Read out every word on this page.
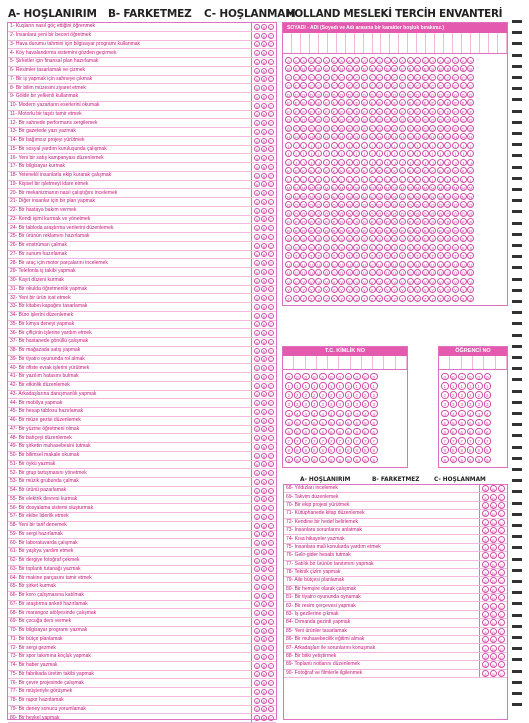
A- HOŞLANIRIM B- FARKETMEZ C- HOŞLANMAM
HOLLAND MESLEKİ TERCİH ENVANTERİ
1- Kuşların nasıl göç ettiğini öğrenmek	A	B	C
2- İnsanlara yeni bir beceri öğretmek	A	B	C
3- Hava durumu tahmini için bilgisayar programı kullanmak	A	B	C
4- Köy havalandırma sistemini gözden geçirmek	A	B	C
5- Şirketler için finansal plan hazırlamak	A	B	C
6- Resimler tasarlamak ve çizmek	A	B	C
7- Bir iş yapmak için sahneye çıkmak	A	B	C
8- Bir bilim müzesini ziyaret etmek	A	B	C
9- Gölde bir yelkenli kullanmak	A	B	C
10- Modern yazarların eserlerini okumak	A	B	C
11- Motorlu bir taşıtı tamir etmek	A	B	C
12- Bir sahnede performans sergilemek	A	B	C
13- Bir gazetede yazı yazmak	A	B	C
14- Bir bağımsız projeyi yürütmek	A	B	C
15- Bir sosyal yardım kuruluşunda çalışmak	A	B	C
16- Yeni bir satış kampanyası düzenlemek	A	B	C
17- Bir bilgisayar kurmak	A	B	C
18- Yetenekli insanlarla ekip kurarak çalışmak	A	B	C
19- Kişisel bir işletmeyi idare etmek	A	B	C
20- Bir mekanizmanın nasıl çalıştığını incelemek	A	B	C
21- Diğer insanlar için bir plan yapmak	A	B	C
22- Bir hastaya bakım vermek	A	B	C
23- Kendi işimi kurmak ve yönetmek	A	B	C
24- Bir tabloda araştırma verilerini düzenlemek	A	B	C
25- Bir ürünün reklamını hazırlamak	A	B	C
26- Bir enstrüman çalmak	A	B	C
27- Bir sunum hazırlamak	A	B	C
28- Bir araç için motor parçalarını incelemek	A	B	C
29- Telefonla iş takibi yapmak	A	B	C
30- Kayıt düzeni kurmak	A	B	C
31- Bir okulda öğretmenlik yapmak	A	B	C
32- Yeni bir ürün icat etmek	A	B	C
33- Bir kitabın kapağını tasarlamak	A	B	C
34- Büro işlerini düzenlemek	A	B	C
35- Bir kimya deneyi yapmak	A	B	C
36- Bir çiftçinin işlerine yardım etmek	A	B	C
37- Bir hastanede gönüllü çalışmak	A	B	C
38- Bir mağazada satış yapmak	A	B	C
39- Bir tiyatro oyununda rol almak	A	B	C
40- Bir ofiste evrak işlerini yürütmek	A	B	C
41- Bir yazılım hatasını bulmak	A	B	C
42- Bir etkinlik düzenlemek	A	B	C
43- Arkadaşlarına danışmanlık yapmak	A	B	C
44- Bir mobilya yapmak	A	B	C
45- Bir hesap tablosu hazırlamak	A	B	C
46- Bir müze gezisi düzenlemek	A	B	C
47- Bir yüzme öğretmeni olmak	A	B	C
48- Bir bahçeyi düzenlemek	A	B	C
49- Bir şirketin muhasebesini tutmak	A	B	C
50- Bir bilimsel makale okumak	A	B	C
51- Bir öykü yazmak	A	B	C
52- Bir grup tartışmasını yönetmek	A	B	C
53- Bir müzik grubunda çalmak	A	B	C
54- Bir ürünü pazarlamak	A	B	C
55- Bir elektrik devresi kurmak	A	B	C
56- Bir dosyalama sistemi oluşturmak	A	B	C
57- Bir ekibe liderlik etmek	A	B	C
58- Yeni bir tarif denemek	A	B	C
59- Bir sergi hazırlamak	A	B	C
60- Bir laboratuvarda çalışmak	A	B	C
61- Bir yaşlıya yardım etmek	A	B	C
62- Bir dergiye fotoğraf çekmek	A	B	C
63- Bir toplantı tutanağı yazmak	A	B	C
64- Bir makine parçasını tamir etmek	A	B	C
65- Bir şirket kurmak	A	B	C
66- Bir koro çalışmasına katılmak	A	B	C
67- Bir araştırma anketi hazırlamak	A	B	C
68- Bir marangoz atölyesinde çalışmak	A	B	C
69- Bir çocuğa ders vermek	A	B	C
70- Bir bilgisayar programı yazmak	A	B	C
71- Bir bütçe planlamak	A	B	C
72- Bir sergi gezmek	A	B	C
73- Bir spor takımına koçluk yapmak	A	B	C
74- Bir haber yazmak	A	B	C
75- Bir fabrikada üretim takibi yapmak	A	B	C
76- Bir çevre projesinde çalışmak	A	B	C
77- Bir müşteriyle görüşmek	A	B	C
78- Bir rapor hazırlamak	A	B	C
79- Bir deney sonucu yorumlamak	A	B	C
80- Bir heykel yapmak	A	B	C
SOYADI - ADI (Soyadı ve Adı arasına bir karakter boşluk bırakınız.)
A	A	A	A	A	A	A	A	A	A	A	A	A	A	A	A	A	A	A	A	A	A	A	A	A
B	B	B	B	B	B	B	B	B	B	B	B	B	B	B	B	B	B	B	B	B	B	B	B	B
C	C	C	C	C	C	C	C	C	C	C	C	C	C	C	C	C	C	C	C	C	C	C	C	C
Ç	Ç	Ç	Ç	Ç	Ç	Ç	Ç	Ç	Ç	Ç	Ç	Ç	Ç	Ç	Ç	Ç	Ç	Ç	Ç	Ç	Ç	Ç	Ç	Ç
D	D	D	D	D	D	D	D	D	D	D	D	D	D	D	D	D	D	D	D	D	D	D	D	D
E	E	E	E	E	E	E	E	E	E	E	E	E	E	E	E	E	E	E	E	E	E	E	E	E
F	F	F	F	F	F	F	F	F	F	F	F	F	F	F	F	F	F	F	F	F	F	F	F	F
G	G	G	G	G	G	G	G	G	G	G	G	G	G	G	G	G	G	G	G	G	G	G	G	G
Ğ	Ğ	Ğ	Ğ	Ğ	Ğ	Ğ	Ğ	Ğ	Ğ	Ğ	Ğ	Ğ	Ğ	Ğ	Ğ	Ğ	Ğ	Ğ	Ğ	Ğ	Ğ	Ğ	Ğ	Ğ
H	H	H	H	H	H	H	H	H	H	H	H	H	H	H	H	H	H	H	H	H	H	H	H	H
I	I	I	I	I	I	I	I	I	I	I	I	I	I	I	I	I	I	I	I	I	I	I	I	I
İ	İ	İ	İ	İ	İ	İ	İ	İ	İ	İ	İ	İ	İ	İ	İ	İ	İ	İ	İ	İ	İ	İ	İ	İ
J	J	J	J	J	J	J	J	J	J	J	J	J	J	J	J	J	J	J	J	J	J	J	J	J
K	K	K	K	K	K	K	K	K	K	K	K	K	K	K	K	K	K	K	K	K	K	K	K	K
L	L	L	L	L	L	L	L	L	L	L	L	L	L	L	L	L	L	L	L	L	L	L	L	L
M M M M M M M M M M M M M M M M M M M M M M M M M
N	N	N	N	N	N	N	N	N	N	N	N	N	N	N	N	N	N	N	N	N	N	N	N	N
O	O	O	O	O	O	O	O	O	O	O	O	O	O	O	O	O	O	O	O	O	O	O	O	O
Ö	Ö	Ö	Ö	Ö	Ö	Ö	Ö	Ö	Ö	Ö	Ö	Ö	Ö	Ö	Ö	Ö	Ö	Ö	Ö	Ö	Ö	Ö	Ö	Ö
P	P	P	P	P	P	P	P	P	P	P	P	P	P	P	P	P	P	P	P	P	P	P	P	P
R	R	R	R	R	R	R	R	R	R	R	R	R	R	R	R	R	R	R	R	R	R	R	R	R
S	S	S	S	S	S	S	S	S	S	S	S	S	S	S	S	S	S	S	S	S	S	S	S	S
Ş	Ş	Ş	Ş	Ş	Ş	Ş	Ş	Ş	Ş	Ş	Ş	Ş	Ş	Ş	Ş	Ş	Ş	Ş	Ş	Ş	Ş	Ş	Ş	Ş
T	T	T	T	T	T	T	T	T	T	T	T	T	T	T	T	T	T	T	T	T	T	T	T	T
U	U	U	U	U	U	U	U	U	U	U	U	U	U	U	U	U	U	U	U	U	U	U	U	U
Ü	Ü	Ü	Ü	Ü	Ü	Ü	Ü	Ü	Ü	Ü	Ü	Ü	Ü	Ü	Ü	Ü	Ü	Ü	Ü	Ü	Ü	Ü	Ü	Ü
V	V	V	V	V	V	V	V	V	V	V	V	V	V	V	V	V	V	V	V	V	V	V	V	V
Y	Y	Y	Y	Y	Y	Y	Y	Y	Y	Y	Y	Y	Y	Y	Y	Y	Y	Y	Y	Y	Y	Y	Y	Y
Z	Z	Z	Z	Z	Z	Z	Z	Z	Z	Z	Z	Z	Z	Z	Z	Z	Z	Z	Z	Z	Z	Z	Z	Z
T.C. KİMLİK NO
0	0	0	0	0	0	0	0	0	0	0
1	1	1	1	1	1	1	1	1	1	1
2	2	2	2	2	2	2	2	2	2	2
3	3	3	3	3	3	3	3	3	3	3
4	4	4	4	4	4	4	4	4	4	4
5	5	5	5	5	5	5	5	5	5	5
6	6	6	6	6	6	6	6	6	6	6
7	7	7	7	7	7	7	7	7	7	7
8	8	8	8	8	8	8	8	8	8	8
9	9	9	9	9	9	9	9	9	9	9
ÖĞRENCİ NO
0	0	0	0	0	0
1	1	1	1	1	1
2	2	2	2	2	2
3	3	3	3	3	3
4	4	4	4	4	4
5	5	5	5	5	5
6	6	6	6	6	6
7	7	7	7	7	7
8	8	8	8	8	8
9	9	9	9	9	9
A- HOŞLANIRIM	B- FARKETMEZ	C- HOŞLANMAM
68- Yıldızları incelemek	A	B	C
69- Takvim düzenlemek	A	B	C
70- Bir ekip projesi yürütmek	A	B	C
71- Kütüphanede kitap düzenlemek	A	B	C
72- Kendine bir hedef belirlemek	A	B	C
73- İnsanlara sorunlarını anlatmak	A	B	C
74- Kısa hikayeler yazmak	A	B	C
75- İnsanlara mali konularda yardım etmek	A	B	C
76- Gelir-gider hesabı tutmak	A	B	C
77- Satılık bir ürünün tanıtımını yapmak	A	B	C
78- Teknik çizim yapmak	A	B	C
79- Aile bütçesi planlamak	A	B	C
80- Bir hemşire olarak çalışmak	A	B	C
81- Bir tiyatro oyununda oynamak	A	B	C
82- Bir resim çerçevesi yapmak	A	B	C
83- İş gezilerine çıkmak	A	B	C
84- Ormanda gezinti yapmak	A	B	C
85- Yeni ürünler tasarlamak	A	B	C
86- Bir muhasebecilik eğitimi almak	A	B	C
87- Arkadaşları ile sorunlarını konuşmak	A	B	C
88- Bir bitki yetiştirmek	A	B	C
89- Toplantı notlarını düzenlemek	A	B	C
90- Fotoğraf ve filmlerle ilgilenmek	A	B	C
